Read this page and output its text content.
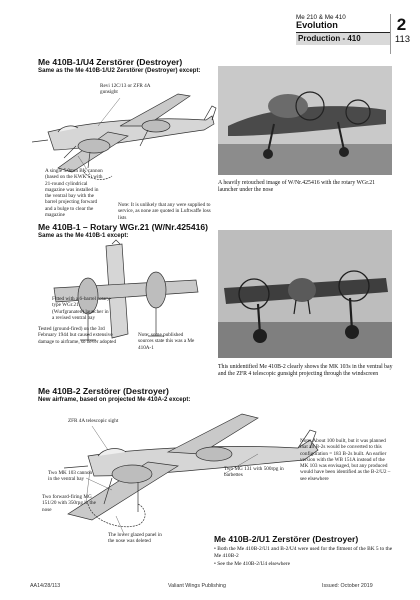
Me 210 & Me 410
Evolution
Production - 410
2
113
Me 410B-1/U4 Zerstörer (Destroyer)
Same as the Me 410B-1/U2 Zerstörer (Destroyer) except:
Revi 12C/13 or ZFR 4A gunsight
A single 5.0mm BK cannon (based on the KWK 5) with 21-round cylindrical magazine was installed in the ventral bay with the barrel projecting forward and a bulge to clear the magazine
Note: It is unlikely that any were supplied to service, as none are quoted in Luftwaffe loss lists
A heavily retouched image of W/Nr.425416 with the rotary WGr.21 launcher under the nose
Me 410B-1 – Rotary WGr.21 (W/Nr.425416)
Same as the Me 410B-1 except:
Fitted with a 6-barrel rotary-type WGr.21 (Wurfgranaten) launcher in a revised ventral bay
Tested (ground-fired) on the 3rd February 1944 but caused extensive damage to airframe, so never adopted
Note: some published sources state this was a Me 410A-1
This unidentified Me 410B-2 clearly shows the MK 103s in the ventral bay and the ZFR 4 telescopic gunsight projecting through the windscreen
Me 410B-2 Zerstörer (Destroyer)
New airframe, based on projected Me 410A-2 except:
ZFR 4A telescopic sight
Two MK 103 cannon in the ventral bay
Two forward-firing MG 151/20 with 350rpg in the nose
The lower glazed panel in the nose was deleted
Two MG 131 with 500rpg in barbettes
Note: About 100 built, but it was planned that all B-2s would be converted to this configuration = 183 B-2s built. An earlier version with the WB 151A instead of the MK 103 was envisaged, but any produced would have been identified as the B-2/U2 – see elsewhere
Me 410B-2/U1 Zerstörer (Destroyer)
• Both the Me 410B-2/U1 and B-2/U4 were used for the fitment of the BK 5 to the Me 410B-2
• See the Me 410B-2/U4 elsewhere
AA14/28/113	Valiant Wings Publishing	Issued: October 2019
